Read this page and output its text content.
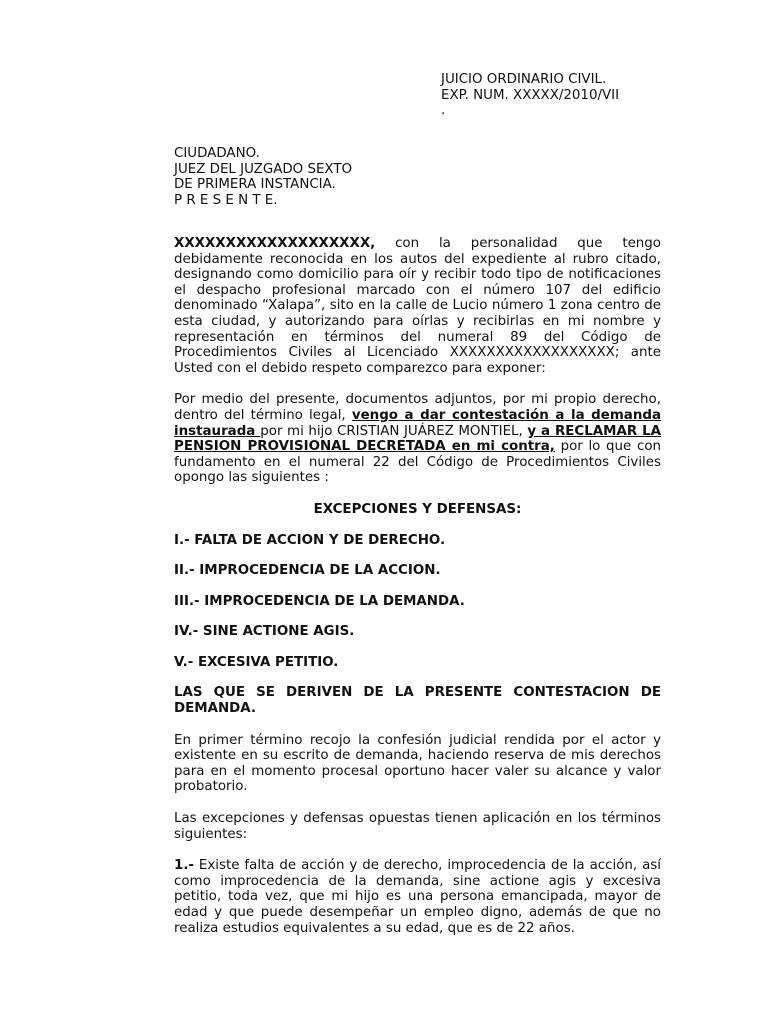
JUICIO ORDINARIO CIVIL.
EXP. NUM. XXXXX/2010/VII
.
CIUDADANO.
JUEZ DEL JUZGADO SEXTO
DE PRIMERA INSTANCIA.
P R E S E N T E.

XXXXXXXXXXXXXXXXXXX, con la personalidad que tengo debidamente reconocida en los autos del expediente al rubro citado, designando como domicilio para oír y recibir todo tipo de notificaciones el despacho profesional marcado con el número 107 del edificio denominado “Xalapa”, sito en la calle de Lucio número 1 zona centro de esta ciudad, y autorizando para oírlas y recibirlas en mi nombre y representación en términos del numeral 89 del Código de Procedimientos Civiles al Licenciado XXXXXXXXXXXXXXXXXX; ante Usted con el debido respeto comparezco para exponer:

Por medio del presente, documentos adjuntos, por mi propio derecho, dentro del término legal, vengo a dar contestación a la demanda instaurada por mi hijo CRISTIAN JUÁREZ MONTIEL, y a RECLAMAR LA PENSION PROVISIONAL DECRETADA en mi contra, por lo que con fundamento en el numeral 22 del Código de Procedimientos Civiles opongo las siguientes :

EXCEPCIONES Y DEFENSAS:

I.- FALTA DE ACCION Y DE DERECHO.

II.- IMPROCEDENCIA DE LA ACCION.

III.- IMPROCEDENCIA DE LA DEMANDA.

IV.- SINE ACTIONE AGIS.

V.- EXCESIVA PETITIO.

LAS QUE SE DERIVEN DE LA PRESENTE CONTESTACION DE DEMANDA.

En primer término recojo la confesión judicial rendida por el actor y existente en su escrito de demanda, haciendo reserva de mis derechos para en el momento procesal oportuno hacer valer su alcance y valor probatorio.

Las excepciones y defensas opuestas tienen aplicación en los términos siguientes:

1.- Existe falta de acción y de derecho, improcedencia de la acción, así como improcedencia de la demanda, sine actione agis y excesiva petitio, toda vez, que mi hijo es una persona emancipada, mayor de edad y que puede desempeñar un empleo digno, además de que no realiza estudios equivalentes a su edad, que es de 22 años.
